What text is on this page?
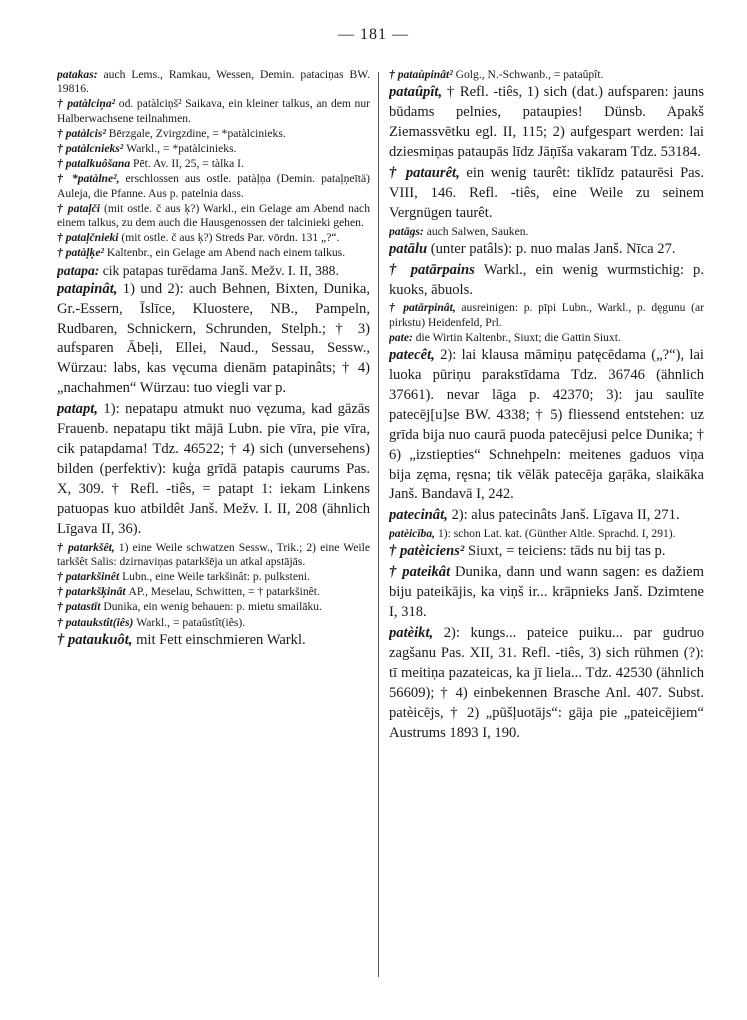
— 181 —

patakas: auch Lems., Ramkau, Wessen, Demin. pataciņas BW. 19816.

† patàlciņa² od. patàlciņš² Saikava, ein kleiner talkus, an dem nur Halberwachsene teilnahmen.

† patàlcis² Bērzgale, Zvirgzdine, = *patàlcinieks.

† patàlcnieks² Warkl., = *patàlcinieks.

† patalkuôšana Pēt. Av. II, 25, = tàlka I.

† *patàlne², erschlossen aus ostle. patàļņa (Demin. pataļņeītä) Auleja, die Pfanne. Aus p. patelnia dass.

† pataļči (mit ostle. č aus ķ?) Warkl., ein Gelage am Abend nach einem talkus, zu dem auch die Hausgenossen der talcinieki gehen.

† pataļčnieki (mit ostle. č aus ķ?) Streds Par. vōrdn. 131 „?“.

† patàļķe² Kaltenbr., ein Gelage am Abend nach einem talkus.

patapa: cik patapas turēdama Janš. Mežv. I. II, 388.

patapinât, 1) und 2): auch Behnen, Bixten, Dunika, Gr.-Essern, Īslīce, Kluostere, NB., Pampeln, Rudbaren, Schnickern, Schrunden, Stelph.; † 3) aufsparen Ābeļi, Ellei, Naud., Sessau, Sessw., Würzau: labs, kas vęcuma dienām patapinâts; † 4) „nachahmen“ Würzau: tuo viegli var p.

patapt, 1): nepatapu atmukt nuo vęzuma, kad gāzās Frauenb. nepatapu tikt mājā Lubn. pie vīra, pie vīra, cik patapdama! Tdz. 46522; † 4) sich (unversehens) bilden (perfektiv): kuģa grīdā patapis caurums Pas. X, 309. † Refl. -tiês, = patapt 1: iekam Linkens patuopas kuo atbildêt Janš. Mežv. I. II, 208 (ähnlich Līgava II, 36).

† patarkšêt, 1) eine Weile schwatzen Sessw., Trik.; 2) eine Weile tarkšêt Salis: dzirnaviņas patarkšēja un atkal apstājās.

† patarkšinêt Lubn., eine Weile tarkšinât: p. pulksteni.

† patarkšķinât AP., Meselau, Schwitten, = † patarkšinêt.

† patastīt Dunika, ein wenig behauen: p. mietu smailāku.

† pataukstît(iês) Warkl., = pataûstît(iês).

† pataukuôt, mit Fett einschmieren Warkl.

† pataùpinât² Golg., N.-Schwanb., = pataûpît.

pataûpît, † Refl. -tiês, 1) sich (dat.) aufsparen: jauns būdams pelnies, pataupies! Dünsb. Apakš Ziemassvētku egl. II, 115; 2) aufgespart werden: lai dziesmiņas pataupās līdz Jāņīša vakaram Tdz. 53184.

† pataurêt, ein wenig taurêt: tiklīdz pataurēsi Pas. VIII, 146. Refl. -tiês, eine Weile zu seinem Vergnügen taurêt.

patāgs: auch Salwen, Sauken.

patālu (unter patâls): p. nuo malas Janš. Nīca 27.

† patārpains Warkl., ein wenig wurmstichig: p. kuoks, ābuols.

† patārpinât, ausreinigen: p. pīpi Lubn., Warkl., p. dęgunu (ar pirkstu) Heidenfeld, Prl.

pate: die Wirtin Kaltenbr., Siuxt; die Gattin Siuxt.

patecêt, 2): lai klausa māmiņu patęcēdama („?“), lai luoka pūriņu parakstīdama Tdz. 36746 (ähnlich 37661). nevar lāga p. 42370; 3): jau saulīte patecēj[u]se BW. 4338; † 5) fliessend entstehen: uz grīda bija nuo caurā puoda patecējusi pelce Dunika; † 6) „izstiepties“ Schnehpeln: meitenes gaduos viņa bija zęma, ręsna; tik vēlāk patecēja gaŗāka, slaikāka Janš. Bandavā I, 242.

patecinât, 2): alus patecinâts Janš. Līgava II, 271.

patèicība, 1): schon Lat. kat. (Günther Altle. Sprachd. I, 291).

† patèiciens² Siuxt, = teiciens: tāds nu bij tas p.

† pateikât Dunika, dann und wann sagen: es dažiem biju pateikājis, ka viņš ir... krāpnieks Janš. Dzimtene I, 318.

patèikt, 2): kungs... pateice puiku... par gudruo zagšanu Pas. XII, 31. Refl. -tiês, 3) sich rühmen (?): tī meitiņa pazateicas, ka jī liela... Tdz. 42530 (ähnlich 56609); † 4) einbekennen Brasche Anl. 407. Subst. patèicējs, † 2) „pūšļuotājs“: gāja pie „pateicējiem“ Austrums 1893 I, 190.
